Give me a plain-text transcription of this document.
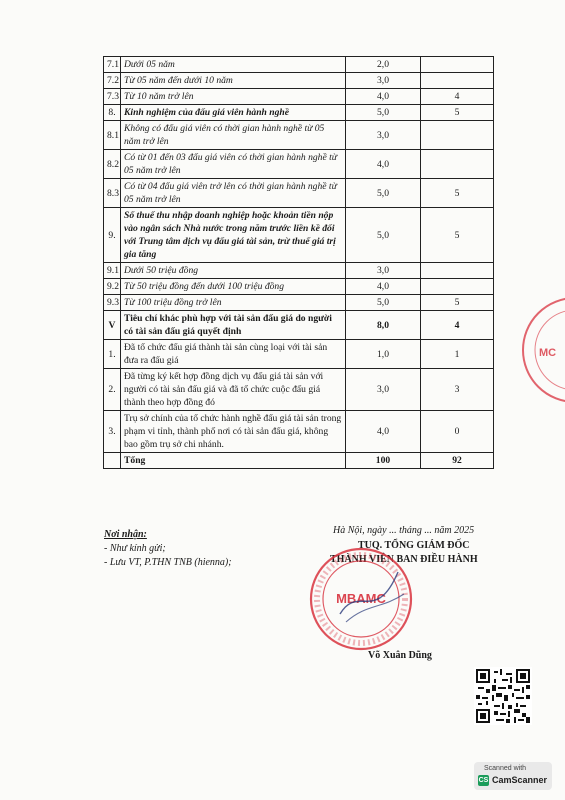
7.1	Dưới 05 năm	2,0	
7.2	Từ 05 năm đến dưới 10 năm	3,0	
7.3	Từ 10 năm trở lên	4,0	4
8.	Kinh nghiệm của đấu giá viên hành nghề	5,0	5
8.1	Không có đấu giá viên có thời gian hành nghề từ 05 năm trở lên	3,0	
8.2	Có từ 01 đến 03 đấu giá viên có thời gian hành nghề từ 05 năm trở lên	4,0	
8.3	Có từ 04 đấu giá viên trở lên có thời gian hành nghề từ 05 năm trở lên	5,0	5
9.	Số thuế thu nhập doanh nghiệp hoặc khoản tiền nộp vào ngân sách Nhà nước trong năm trước liền kề đối với Trung tâm dịch vụ đấu giá tài sản, trừ thuế giá trị gia tăng	5,0	5
9.1	Dưới 50 triệu đồng	3,0	
9.2	Từ 50 triệu đồng đến dưới 100 triệu đồng	4,0	
9.3	Từ 100 triệu đồng trở lên	5,0	5
V	Tiêu chí khác phù hợp với tài sản đấu giá do người có tài sản đấu giá quyết định	8,0	4
1.	Đã tổ chức đấu giá thành tài sản cùng loại với tài sản đưa ra đấu giá	1,0	1
2.	Đã từng ký kết hợp đồng dịch vụ đấu giá tài sản với người có tài sản đấu giá và đã tổ chức cuộc đấu giá thành theo hợp đồng đó	3,0	3
3.	Trụ sở chính của tổ chức hành nghề đấu giá tài sản trong phạm vi tỉnh, thành phố nơi có tài sản đấu giá, không bao gồm trụ sở chi nhánh.	4,0	0
	Tổng	100	92
Nơi nhận:
- Như kính gửi;
- Lưu VT, P.THN TNB (hienna);
Hà Nội, ngày ... tháng ... năm 2025
TUQ. TỔNG GIÁM ĐỐC
THÀNH VIÊN BAN ĐIỀU HÀNH
MBAMC
MC
Võ Xuân Dũng
Scanned with
CS CamScanner
